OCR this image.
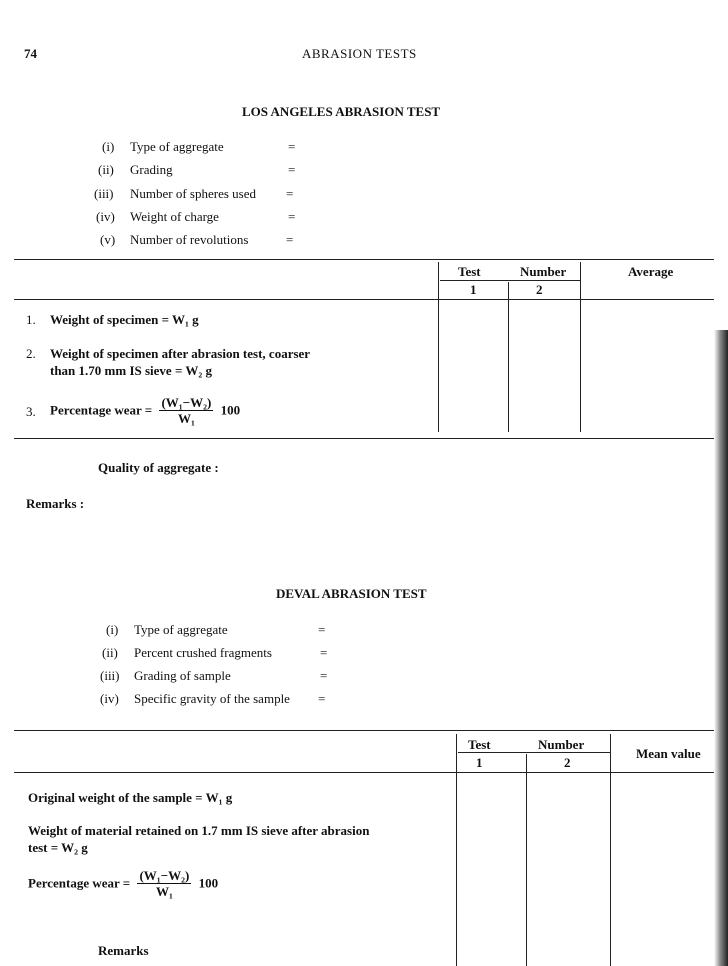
74	ABRASION TESTS
LOS ANGELES ABRASION TEST
(i) Type of aggregate	=
(ii) Grading	=
(iii) Number of spheres used =
(iv) Weight of charge	=
(v) Number of revolutions	=
Test	Number	Average
1	2
1. Weight of specimen = W₁ g
2. Weight of specimen after abrasion test, coarser
than 1.70 mm IS sieve = W₂ g
3. Percentage wear = $\frac{\text{(W₁−W₂)}}{\text{W₁}} 100$
Quality of aggregate :
Remarks :
DEVAL ABRASION TEST
(i) Type of aggregate	=
(ii) Percent crushed fragments	=
(iii) Grading of sample	=
(iv) Specific gravity of the sample =
Test	Number
Mean value
1	2
Original weight of the sample = W₁ g
Weight of material retained on 1.7 mm IS sieve after abrasion
test = W₂ g
Percentage wear = $\frac{\text{(W₁−W₂)}}{\text{W₁}} 100$
Remarks
